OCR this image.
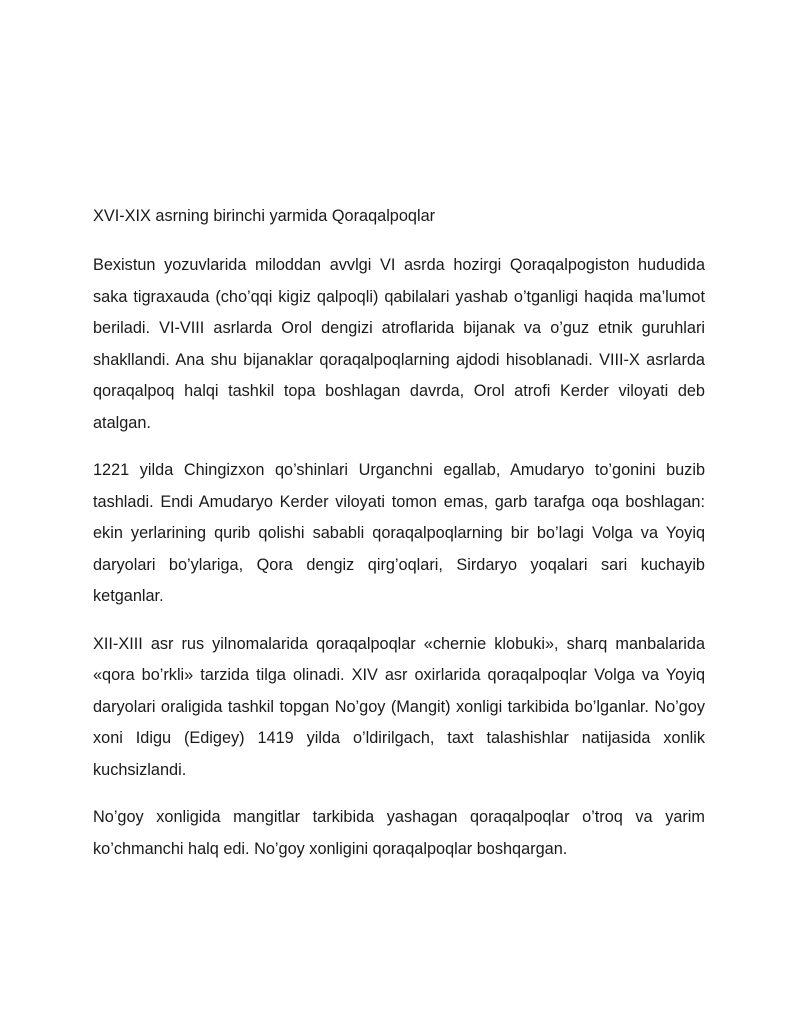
XVI-XIX asrning birinchi yarmida Qoraqalpoqlar

Bexistun yozuvlarida miloddan avvlgi VI asrda hozirgi Qoraqalpogiston hududida saka tigraxauda (cho’qqi kigiz qalpoqli) qabilalari yashab o’tganligi haqida ma’lumot beriladi. VI-VIII asrlarda Orol dengizi atroflarida bijanak va o’guz etnik guruhlari shakllandi. Ana shu bijanaklar qoraqalpoqlarning ajdodi hisoblanadi. VIII-X asrlarda qoraqalpoq halqi tashkil topa boshlagan davrda, Orol atrofi Kerder viloyati deb atalgan.

1221 yilda Chingizxon qo’shinlari Urganchni egallab, Amudaryo to’gonini buzib tashladi. Endi Amudaryo Kerder viloyati tomon emas, garb tarafga oqa boshlagan: ekin yerlarining qurib qolishi sababli qoraqalpoqlarning bir bo’lagi Volga va Yoyiq daryolari bo’ylariga, Qora dengiz qirg’oqlari, Sirdaryo yoqalari sari kuchayib ketganlar.

XII-XIII asr rus yilnomalarida qoraqalpoqlar «chernie klobuki», sharq manbalarida «qora bo’rkli» tarzida tilga olinadi. XIV asr oxirlarida qoraqalpoqlar Volga va Yoyiq daryolari oraligida tashkil topgan No’goy (Mangit) xonligi tarkibida bo’lganlar. No’goy xoni Idigu (Edigey) 1419 yilda o’ldirilgach, taxt talashishlar natijasida xonlik kuchsizlandi.

No’goy xonligida mangitlar tarkibida yashagan qoraqalpoqlar o’troq va yarim ko’chmanchi halq edi. No’goy xonligini qoraqalpoqlar boshqargan.
